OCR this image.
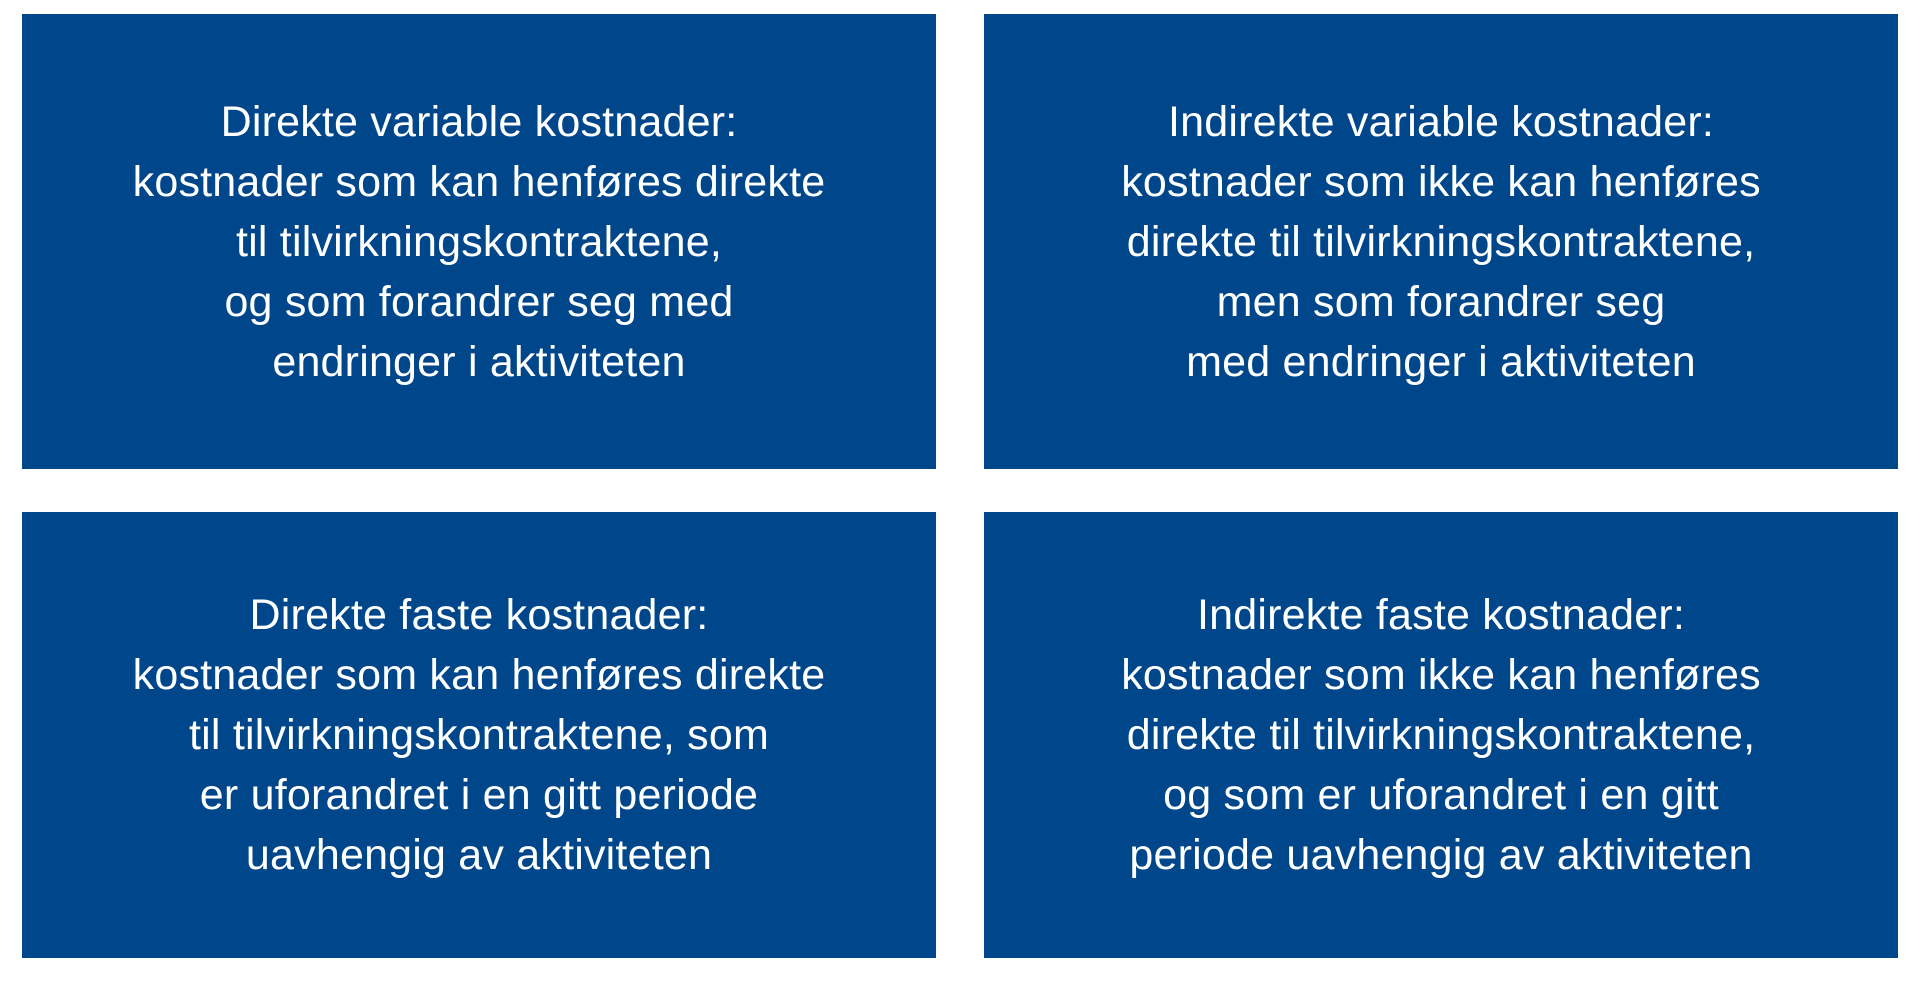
Direkte variable kostnader:
kostnader som kan henføres direkte
til tilvirkningskontraktene,
og som forandrer seg med
endringer i aktiviteten
Indirekte variable kostnader:
kostnader som ikke kan henføres
direkte til tilvirkningskontraktene,
men som forandrer seg
med endringer i aktiviteten
Direkte faste kostnader:
kostnader som kan henføres direkte
til tilvirkningskontraktene, som
er uforandret i en gitt periode
uavhengig av aktiviteten
Indirekte faste kostnader:
kostnader som ikke kan henføres
direkte til tilvirkningskontraktene,
og som er uforandret i en gitt
periode uavhengig av aktiviteten
